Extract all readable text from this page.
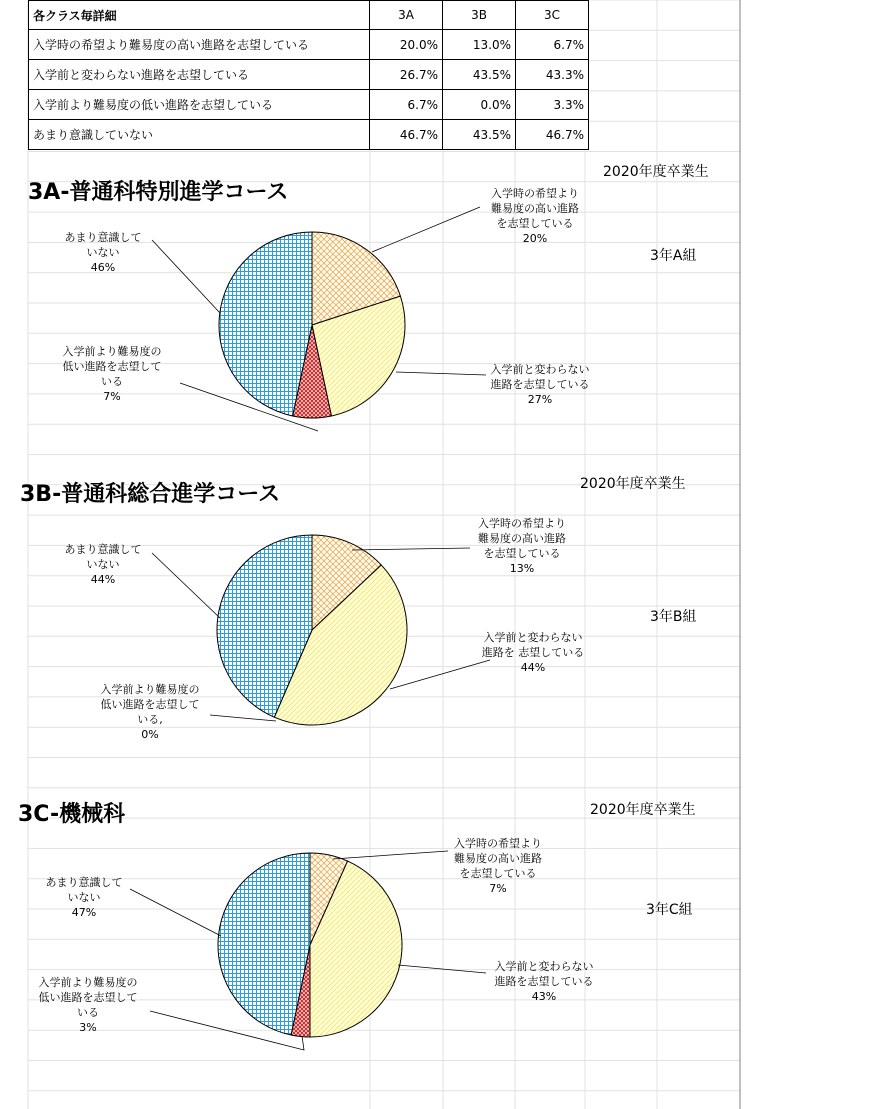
各クラス毎詳細	3A	3B	3C
入学時の希望より難易度の高い進路を志望している	20.0%	13.0%	6.7%
入学前と変わらない進路を志望している	26.7%	43.5%	43.3%
入学前より難易度の低い進路を志望している	6.7%	0.0%	3.3%
あまり意識していない	46.7%	43.5%	46.7%
3A-普通科特別進学コース
2020年度卒業生
3年A組
入学時の希望より難易度の高い進路を志望している 20%
入学前と変わらない進路を志望している 27%
入学前より難易度の低い進路を志望している 7%
あまり意識していない 46%
3B-普通科総合進学コース	2020年度卒業生
3年B組
入学時の希望より難易度の高い進路を志望している 13%
入学前と変わらない進路を 志望している 44%
入学前より難易度の低い進路を志望している, 0%
あまり意識していない 44%
3C-機械科	2020年度卒業生
3年C組
入学時の希望より難易度の高い進路を志望している 7%
入学前と変わらない進路を志望している 43%
入学前より難易度の低い進路を志望している 3%
あまり意識していない 47%
